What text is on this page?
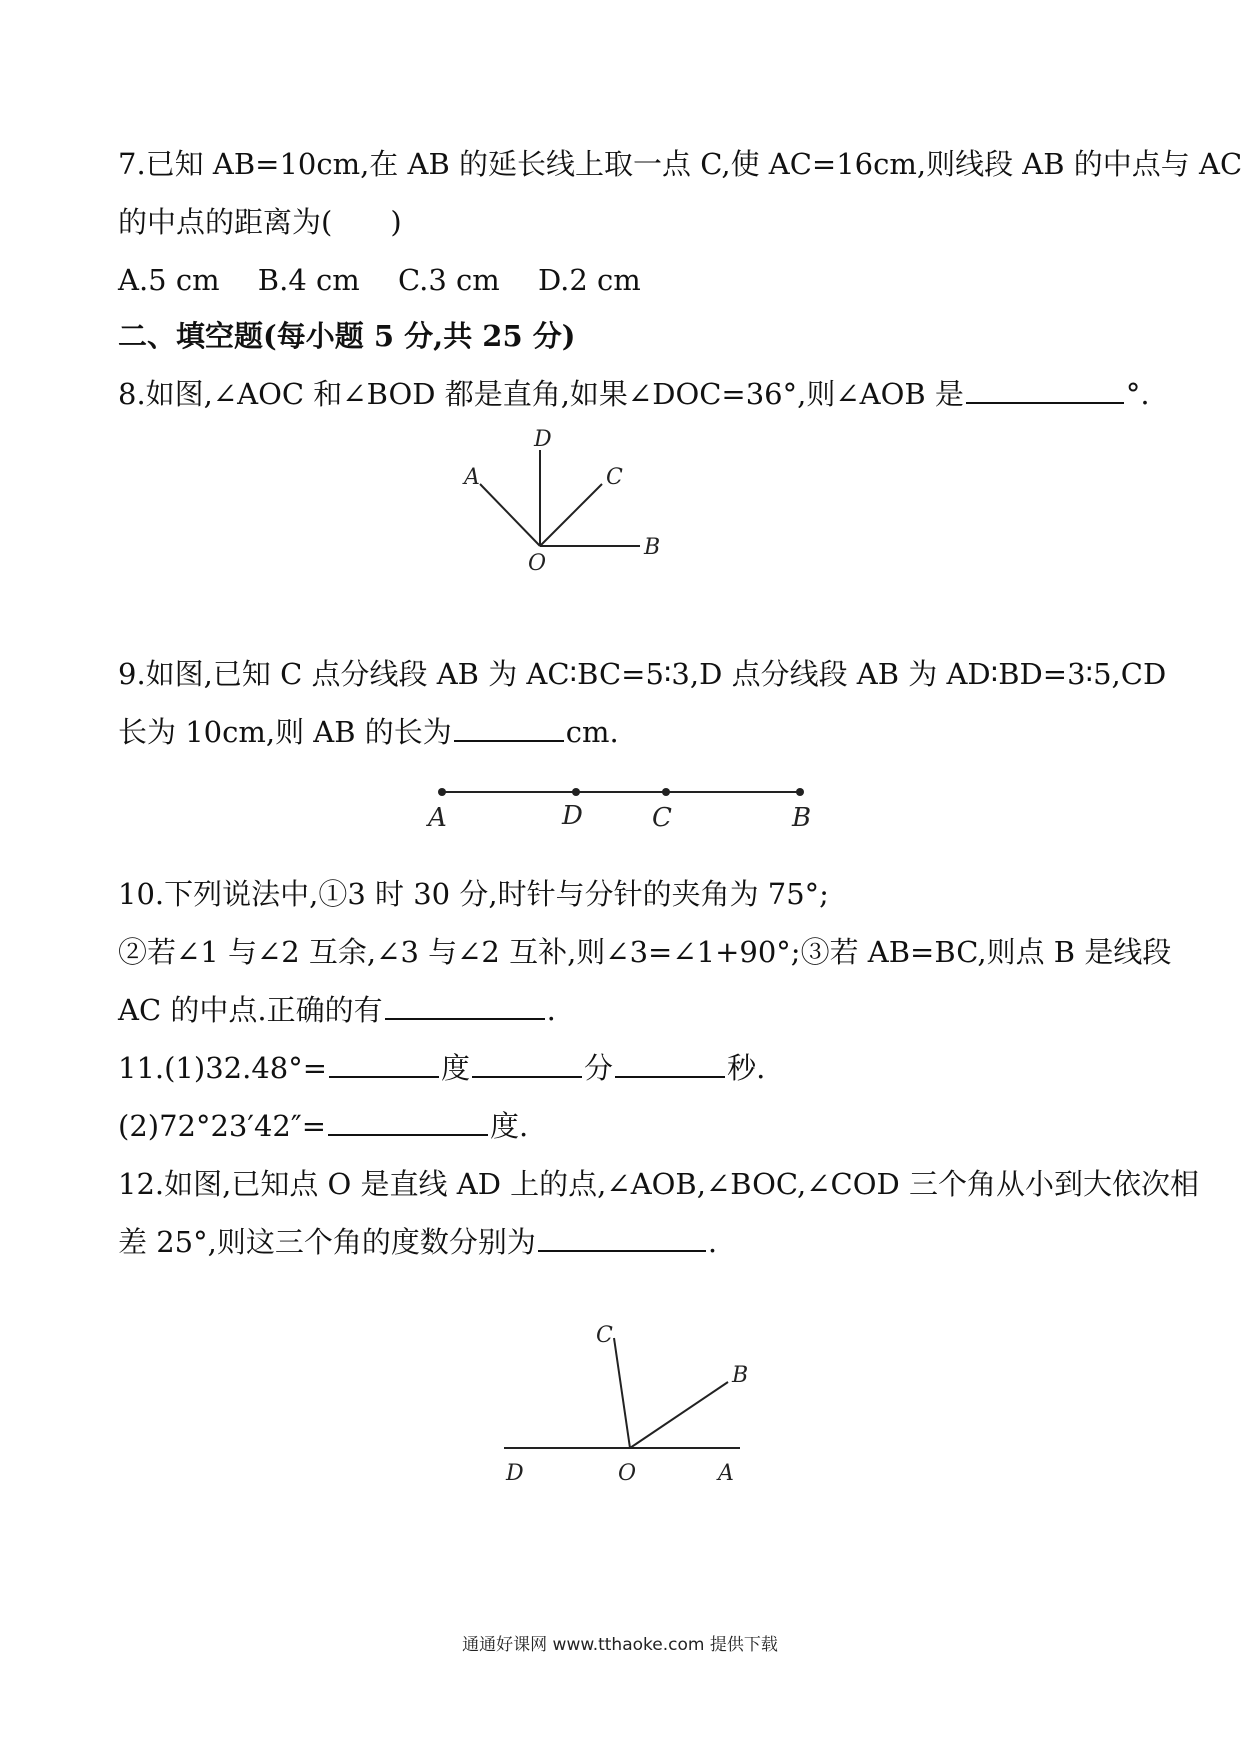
7.已知 AB=10cm,在 AB 的延长线上取一点 C,使 AC=16cm,则线段 AB 的中点与 AC
的中点的距离为(　　)
A.5 cm　 B.4 cm　 C.3 cm　 D.2 cm
二、填空题(每小题 5 分,共 25 分)
8.如图,∠AOC 和∠BOD 都是直角,如果∠DOC=36°,则∠AOB 是	°.
D
A	C
O
B
9.如图,已知 C 点分线段 AB 为 AC∶BC=5∶3,D 点分线段 AB 为 AD∶BD=3∶5,CD
长为 10cm,则 AB 的长为	cm.
A	D	C	B
10.下列说法中,①3 时 30 分,时针与分针的夹角为 75°;
②若∠1 与∠2 互余,∠3 与∠2 互补,则∠3=∠1+90°;③若 AB=BC,则点 B 是线段
AC 的中点.正确的有	.
11.(1)32.48°=	度	分	秒.
(2)72°23′42″=	度.
12.如图,已知点 O 是直线 AD 上的点,∠AOB,∠BOC,∠COD 三个角从小到大依次相
差 25°,则这三个角的度数分别为	.
C
B
D	O	A
通通好课网 www.tthaoke.com 提供下载
